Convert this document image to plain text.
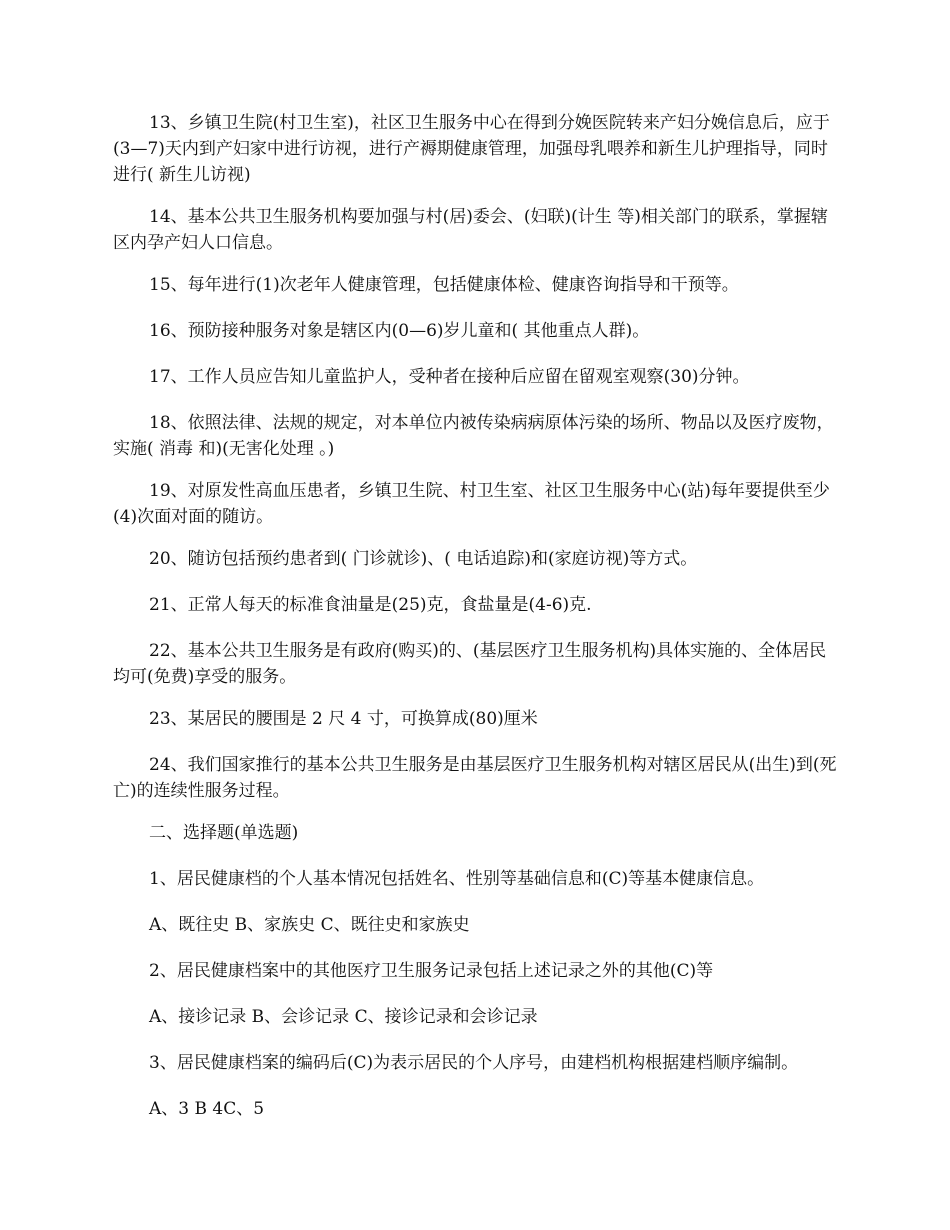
13、乡镇卫生院(村卫生室)，社区卫生服务中心在得到分娩医院转来产妇分娩信息后，应于(3—7)天内到产妇家中进行访视，进行产褥期健康管理，加强母乳喂养和新生儿护理指导，同时进行( 新生儿访视)

14、基本公共卫生服务机构要加强与村(居)委会、(妇联)(计生 等)相关部门的联系，掌握辖区内孕产妇人口信息。

15、每年进行(1)次老年人健康管理，包括健康体检、健康咨询指导和干预等。

16、预防接种服务对象是辖区内(0—6)岁儿童和( 其他重点人群)。

17、工作人员应告知儿童监护人，受种者在接种后应留在留观室观察(30)分钟。

18、依照法律、法规的规定，对本单位内被传染病病原体污染的场所、物品以及医疗废物，实施( 消毒 和)(无害化处理 。)

19、对原发性高血压患者，乡镇卫生院、村卫生室、社区卫生服务中心(站)每年要提供至少(4)次面对面的随访。

20、随访包括预约患者到( 门诊就诊)、( 电话追踪)和(家庭访视)等方式。

21、正常人每天的标准食油量是(25)克，食盐量是(4-6)克.

22、基本公共卫生服务是有政府(购买)的、(基层医疗卫生服务机构)具体实施的、全体居民均可(免费)享受的服务。

23、某居民的腰围是 2 尺 4 寸，可换算成(80)厘米

24、我们国家推行的基本公共卫生服务是由基层医疗卫生服务机构对辖区居民从(出生)到(死亡)的连续性服务过程。

二、选择题(单选题)

1、居民健康档的个人基本情况包括姓名、性别等基础信息和(C)等基本健康信息。

A、既往史 B、家族史 C、既往史和家族史

2、居民健康档案中的其他医疗卫生服务记录包括上述记录之外的其他(C)等

A、接诊记录 B、会诊记录 C、接诊记录和会诊记录

3、居民健康档案的编码后(C)为表示居民的个人序号，由建档机构根据建档顺序编制。

A、3 B 4C、5
